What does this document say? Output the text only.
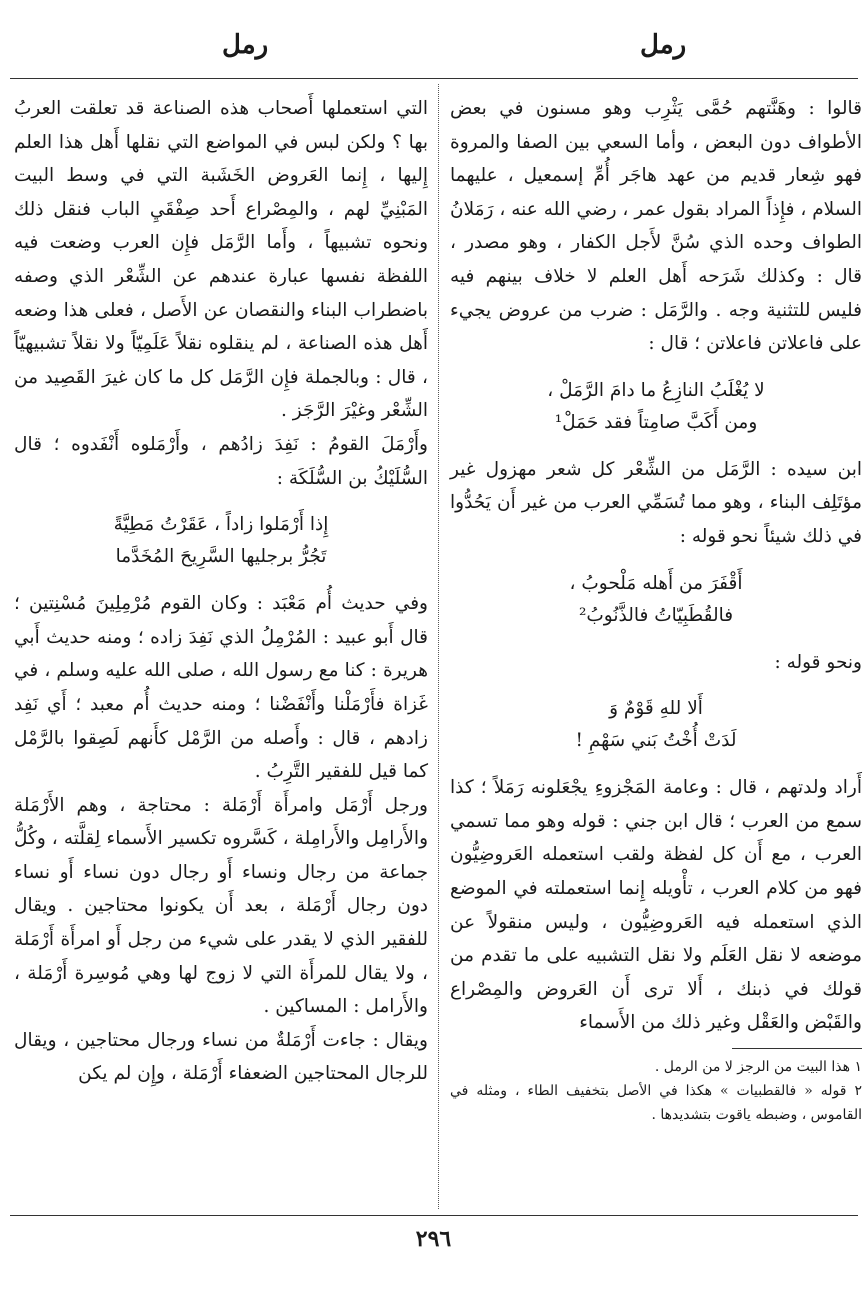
رمل
رمل

قالوا : وهَنَّتهم حُمَّى يَثْرِب وهو مسنون في بعض الأطواف دون البعض ، وأما السعي بين الصفا والمروة فهو شِعار قديم من عهد هاجَر أُمِّ إسمعيل ، عليهما السلام ، فإِذاً المراد بقول عمر ، رضي الله عنه ، رَمَلانُ الطواف وحده الذي سُنَّ لأَجل الكفار ، وهو مصدر ، قال : وكذلك شَرَحه أَهل العلم لا خلاف بينهم فيه فليس للتثنية وجه . والرَّمَل : ضرب من عروض يجيء على فاعلاتن فاعلاتن ؛ قال :

لا يُغْلَبُ النازِعُ ما دامَ الرَّمَلْ ،
ومن أَكَبَّ صامِتاً فقد حَمَلْ¹

ابن سيده : الرَّمَل من الشِّعْر كل شعر مهزول غير مؤتَلِف البناء ، وهو مما تُسَمِّي العرب من غير أَن يَحُدُّوا في ذلك شيئاً نحو قوله :

أَقْفَرَ من أَهله مَلْحوبُ ،
فالقُطَبِيّاتُ فالذَّنُوبُ²

ونحو قوله :

أَلا للهِ قَوْمٌ وَ
لَدَتْ أُخْتُ بَني سَهْمِ !

أَراد ولدتهم ، قال : وعامة المَجْزوءِ يجْعَلونه رَمَلاً ؛ كذا سمع من العرب ؛ قال ابن جني : قوله وهو مما تسمي العرب ، مع أَن كل لفظة ولقب استعمله العَروضِيُّون فهو من كلام العرب ، تأْويله إِنما استعملته في الموضع الذي استعمله فيه العَروضِيُّون ، وليس منقولاً عن موضعه لا نقل العَلَم ولا نقل التشبيه على ما تقدم من قولك في ذبنك ، أَلا ترى أَن العَروض والمِصْراع والقَبْض والعَقْل وغير ذلك من الأَسماء

١ هذا البيت من الرجز لا من الرمل .

٢ قوله « فالقطبيات » هكذا في الأصل بتخفيف الطاء ، ومثله في القاموس ، وضبطه ياقوت بتشديدها .

التي استعملها أَصحاب هذه الصناعة قد تعلقت العربُ بها ؟ ولكن لبس في المواضع التي نقلها أَهل هذا العلم إِليها ، إِنما العَروض الخَشَبة التي في وسط البيت المَبْنِيِّ لهم ، والمِصْراع أَحد صِفْقَيِ الباب فنقل ذلك ونحوه تشبيهاً ، وأَما الرَّمَل فإِن العرب وضعت فيه اللفظة نفسها عبارة عندهم عن الشِّعْر الذي وصفه باضطراب البناء والنقصان عن الأَصل ، فعلى هذا وضعه أَهل هذه الصناعة ، لم ينقلوه نقلاً عَلَمِيّاً ولا نقلاً تشبيهيّاً ، قال : وبالجملة فإِن الرَّمَل كل ما كان غيرَ القَصِيد من الشِّعْر وغيْرَ الرَّجَز .

وأَرْمَلَ القومُ : نَفِدَ زادُهم ، وأَرْمَلوه أَنْفَدوه ؛ قال السُّلَيْكُ بن السُّلَكَة :

إِذا أَرْمَلوا زاداً ، عَقَرْتُ مَطِيَّةً
تَجُرُّ برجليها السَّرِيحَ المُخَدَّما

وفي حديث أُم مَعْبَد : وكان القوم مُرْمِلِينَ مُسْنِتين ؛ قال أَبو عبيد : المُرْمِلُ الذي نَفِدَ زاده ؛ ومنه حديث أَبي هريرة : كنا مع رسول الله ، صلى الله عليه وسلم ، في غَزاة فأَرْمَلْنا وأَنْفَضْنا ؛ ومنه حديث أُم معبد ؛ أَي نَفِد زادهم ، قال : وأَصله من الرَّمْل كأَنهم لَصِقوا بالرَّمْل كما قيل للفقير التَّرِبُ .

ورجل أَرْمَل وامرأَة أَرْمَلة : محتاجة ، وهم الأَرْمَلة والأَرامِل والأَرامِلة ، كَسَّروه تكسير الأَسماء لِقلَّته ، وكُلُّ جماعة من رجال ونساء أَو رجال دون نساء أَو نساء دون رجال أَرْمَلة ، بعد أَن يكونوا محتاجين . ويقال للفقير الذي لا يقدر على شيء من رجل أَو امرأَة أَرْمَلة ، ولا يقال للمرأَة التي لا زوج لها وهي مُوسِرة أَرْمَلة ، والأَرامل : المساكين .

ويقال : جاءت أَرْمَلةٌ من نساء ورجال محتاجين ، ويقال للرجال المحتاجين الضعفاء أَرْمَلة ، وإِن لم يكن

٢٩٦
